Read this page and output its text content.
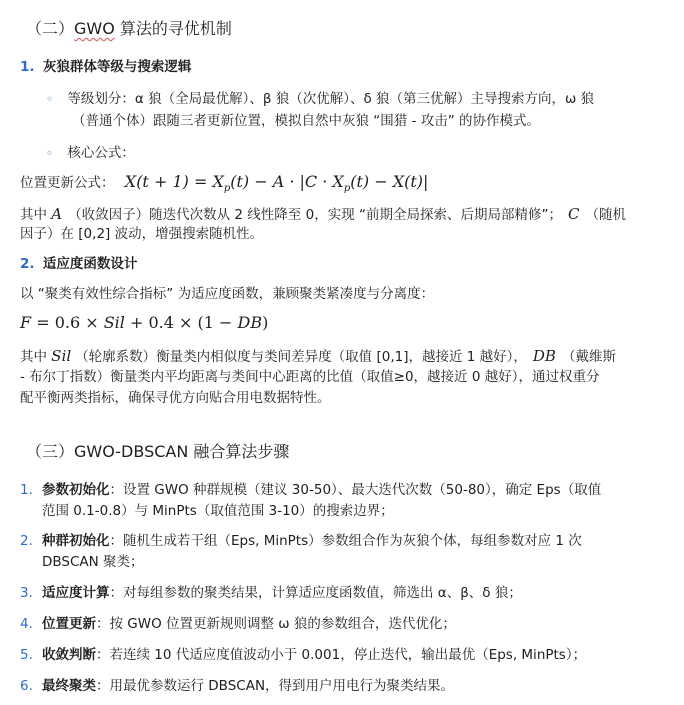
（二）GWO 算法的寻优机制
1. 灰狼群体等级与搜索逻辑
◦ 等级划分：α 狼（全局最优解）、β 狼（次优解）、δ 狼（第三优解）主导搜索方向，ω 狼
（普通个体）跟随三者更新位置，模拟自然中灰狼 “围猎 - 攻击” 的协作模式。
◦ 核心公式：
位置更新公式： $X(t + 1) = X_p(t) - A \cdot |C \cdot X_p(t) - X(t)|$
其中 A （收敛因子）随迭代次数从 2 线性降至 0，实现 “前期全局探索、后期局部精修”； C （随机
因子）在 [0,2] 波动，增强搜索随机性。
2. 适应度函数设计
以 “聚类有效性综合指标” 为适应度函数，兼顾聚类紧凑度与分离度：
F = 0.6 × Sil + 0.4 × (1 − DB)
其中 Sil （轮廓系数）衡量类内相似度与类间差异度（取值 [0,1]，越接近 1 越好）， DB （戴维斯
- 布尔丁指数）衡量类内平均距离与类间中心距离的比值（取值≥0，越接近 0 越好），通过权重分
配平衡两类指标，确保寻优方向贴合用电数据特性。
（三）GWO-DBSCAN 融合算法步骤
1. 参数初始化：设置 GWO 种群规模（建议 30-50）、最大迭代次数（50-80），确定 Eps（取值
范围 0.1-0.8）与 MinPts（取值范围 3-10）的搜索边界；
2. 种群初始化：随机生成若干组（Eps, MinPts）参数组合作为灰狼个体，每组参数对应 1 次
DBSCAN 聚类；
3. 适应度计算：对每组参数的聚类结果，计算适应度函数值，筛选出 α、β、δ 狼；
4. 位置更新：按 GWO 位置更新规则调整 ω 狼的参数组合，迭代优化；
5. 收敛判断：若连续 10 代适应度值波动小于 0.001，停止迭代，输出最优（Eps, MinPts）；
6. 最终聚类：用最优参数运行 DBSCAN，得到用户用电行为聚类结果。
